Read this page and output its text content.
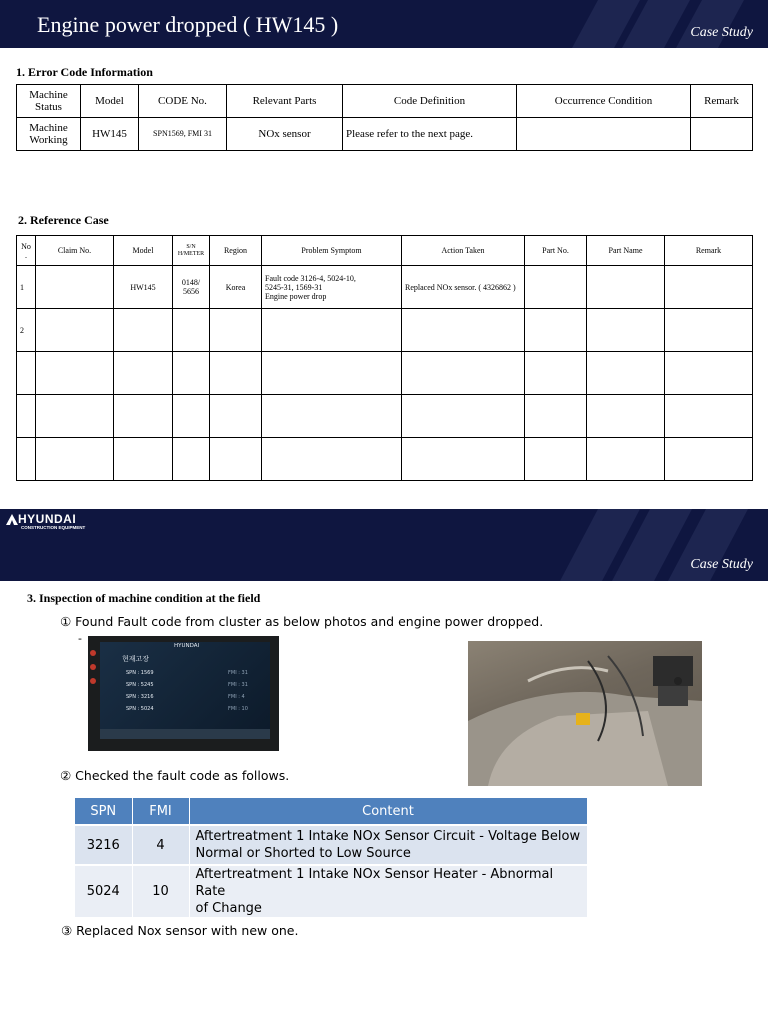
Engine power dropped ( HW145 )	Case Study
1. Error Code Information
Machine Status	Model	CODE No.	Relevant Parts	Code Definition	Occurrence Condition	Remark
Machine Working	HW145	SPN1569, FMI 31	NOx sensor	Please refer to the next page.		
2. Reference Case
No .	Claim No.	Model	S/N H/METER	Region	Problem Symptom	Action Taken	Part No.	Part Name	Remark
1		HW145	0148/ 5656	Korea	Fault code 3126-4, 5024-10,
5245-31, 1569-31
Engine power drop	Replaced NOx sensor. ( 4326862 )			
2									

Case Study
HYUNDAI
CONSTRUCTION EQUIPMENT
3. Inspection of machine condition at the field
① Found Fault code from cluster as below photos and engine power dropped.
-
HYUNDAI
현재고장
SPN : 1569
SPN : 5245
SPN : 3216
SPN : 5024
FMI : 31
FMI : 31
FMI : 4
FMI : 10
② Checked the fault code as follows.
SPN	FMI	Content
3216	4	Aftertreatment 1 Intake NOx Sensor Circuit - Voltage Below
Normal or Shorted to Low Source

5024	10	Aftertreatment 1 Intake NOx Sensor Heater - Abnormal Rate
of Change
③ Replaced Nox sensor with new one.
